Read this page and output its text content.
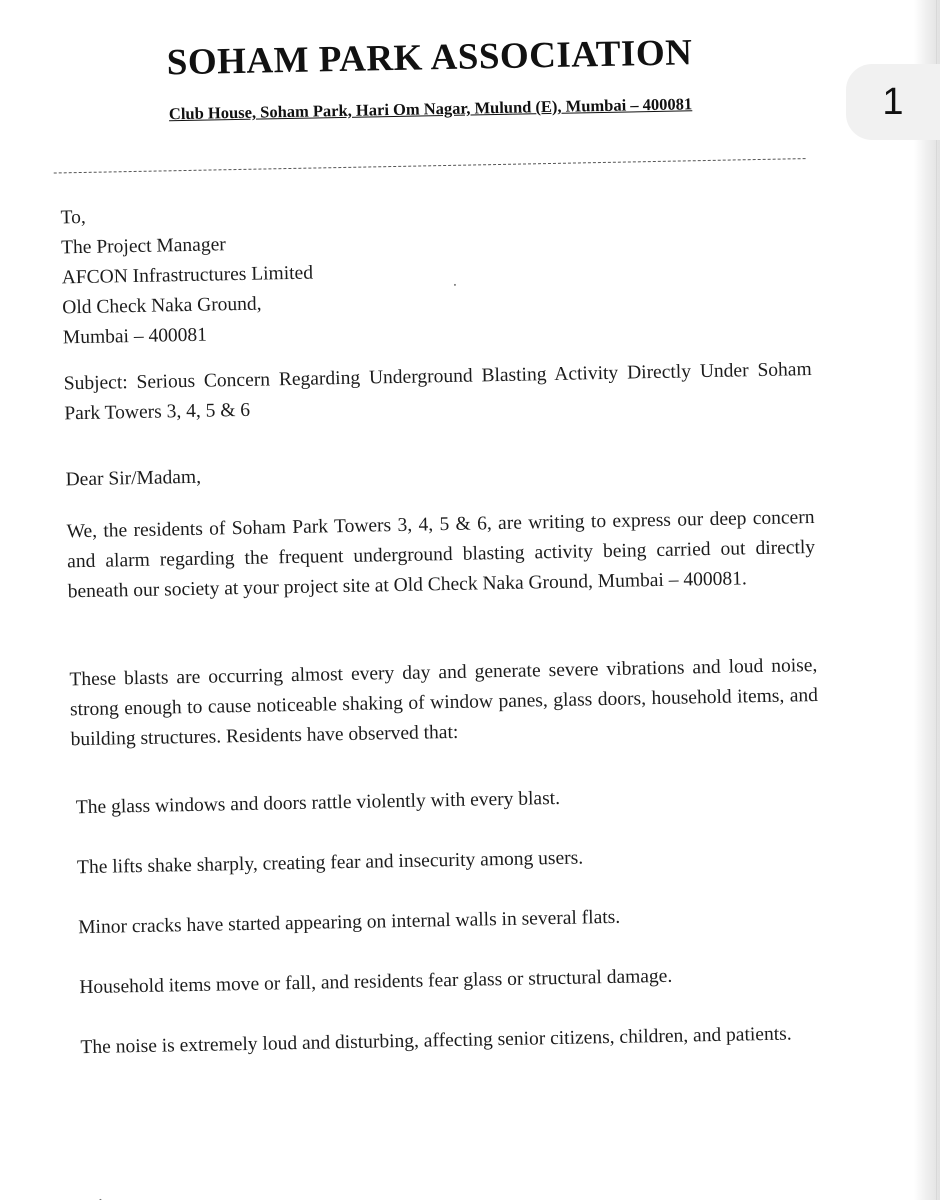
1
SOHAM PARK ASSOCIATION
Club House, Soham Park, Hari Om Nagar, Mulund (E), Mumbai – 400081
To,
The Project Manager
AFCON Infrastructures Limited
Old Check Naka Ground,
Mumbai – 400081
Subject: Serious Concern Regarding Underground Blasting Activity Directly Under Soham Park Towers 3, 4, 5 & 6
Dear Sir/Madam,
We, the residents of Soham Park Towers 3, 4, 5 & 6, are writing to express our deep concern and alarm regarding the frequent underground blasting activity being carried out directly beneath our society at your project site at Old Check Naka Ground, Mumbai – 400081.
These blasts are occurring almost every day and generate severe vibrations and loud noise, strong enough to cause noticeable shaking of window panes, glass doors, household items, and building structures. Residents have observed that:
The glass windows and doors rattle violently with every blast.
The lifts shake sharply, creating fear and insecurity among users.
Minor cracks have started appearing on internal walls in several flats.
Household items move or fall, and residents fear glass or structural damage.
The noise is extremely loud and disturbing, affecting senior citizens, children, and patients.
